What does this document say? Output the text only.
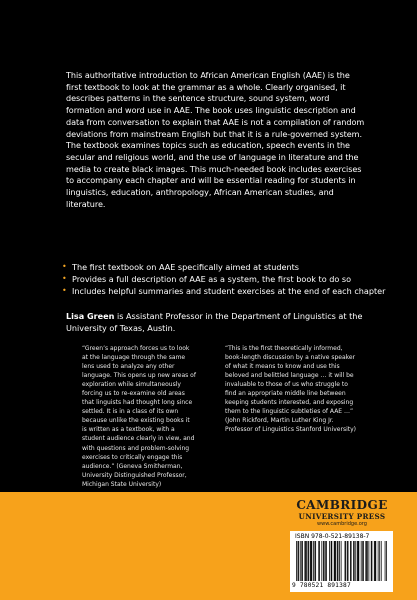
This authoritative introduction to African American English (AAE) is the first textbook to look at the grammar as a whole. Clearly organised, it describes patterns in the sentence structure, sound system, word formation and word use in AAE. The book uses linguistic description and data from conversation to explain that AAE is not a compilation of random deviations from mainstream English but that it is a rule-governed system. The textbook examines topics such as education, speech events in the secular and religious world, and the use of language in literature and the media to create black images. This much-needed book includes exercises to accompany each chapter and will be essential reading for students in linguistics, education, anthropology, African American studies, and literature.

• The first textbook on AAE specifically aimed at students
• Provides a full description of AAE as a system, the first book to do so
• Includes helpful summaries and student exercises at the end of each chapter

Lisa Green is Assistant Professor in the Department of Linguistics at the University of Texas, Austin.

“Green’s approach forces us to look at the language through the same lens used to analyze any other language. This opens up new areas of exploration while simultaneously forcing us to re-examine old areas that linguists had thought long since settled. It is in a class of its own because unlike the existing books it is written as a textbook, with a student audience clearly in view, and with questions and problem-solving exercises to critically engage this audience.” (Geneva Smitherman, University Distinguished Professor, Michigan State University)

“This is the first theoretically informed, book-length discussion by a native speaker of what it means to know and use this beloved and belittled language … it will be invaluable to those of us who struggle to find an appropriate middle line between keeping students interested, and exposing them to the linguistic subtleties of AAE …” (John Rickford, Martin Luther King Jr. Professor of Linguistics Stanford University)

CAMBRIDGE
UNIVERSITY PRESS
www.cambridge.org
ISBN 978-0-521-89138-7
9 780521 891387
